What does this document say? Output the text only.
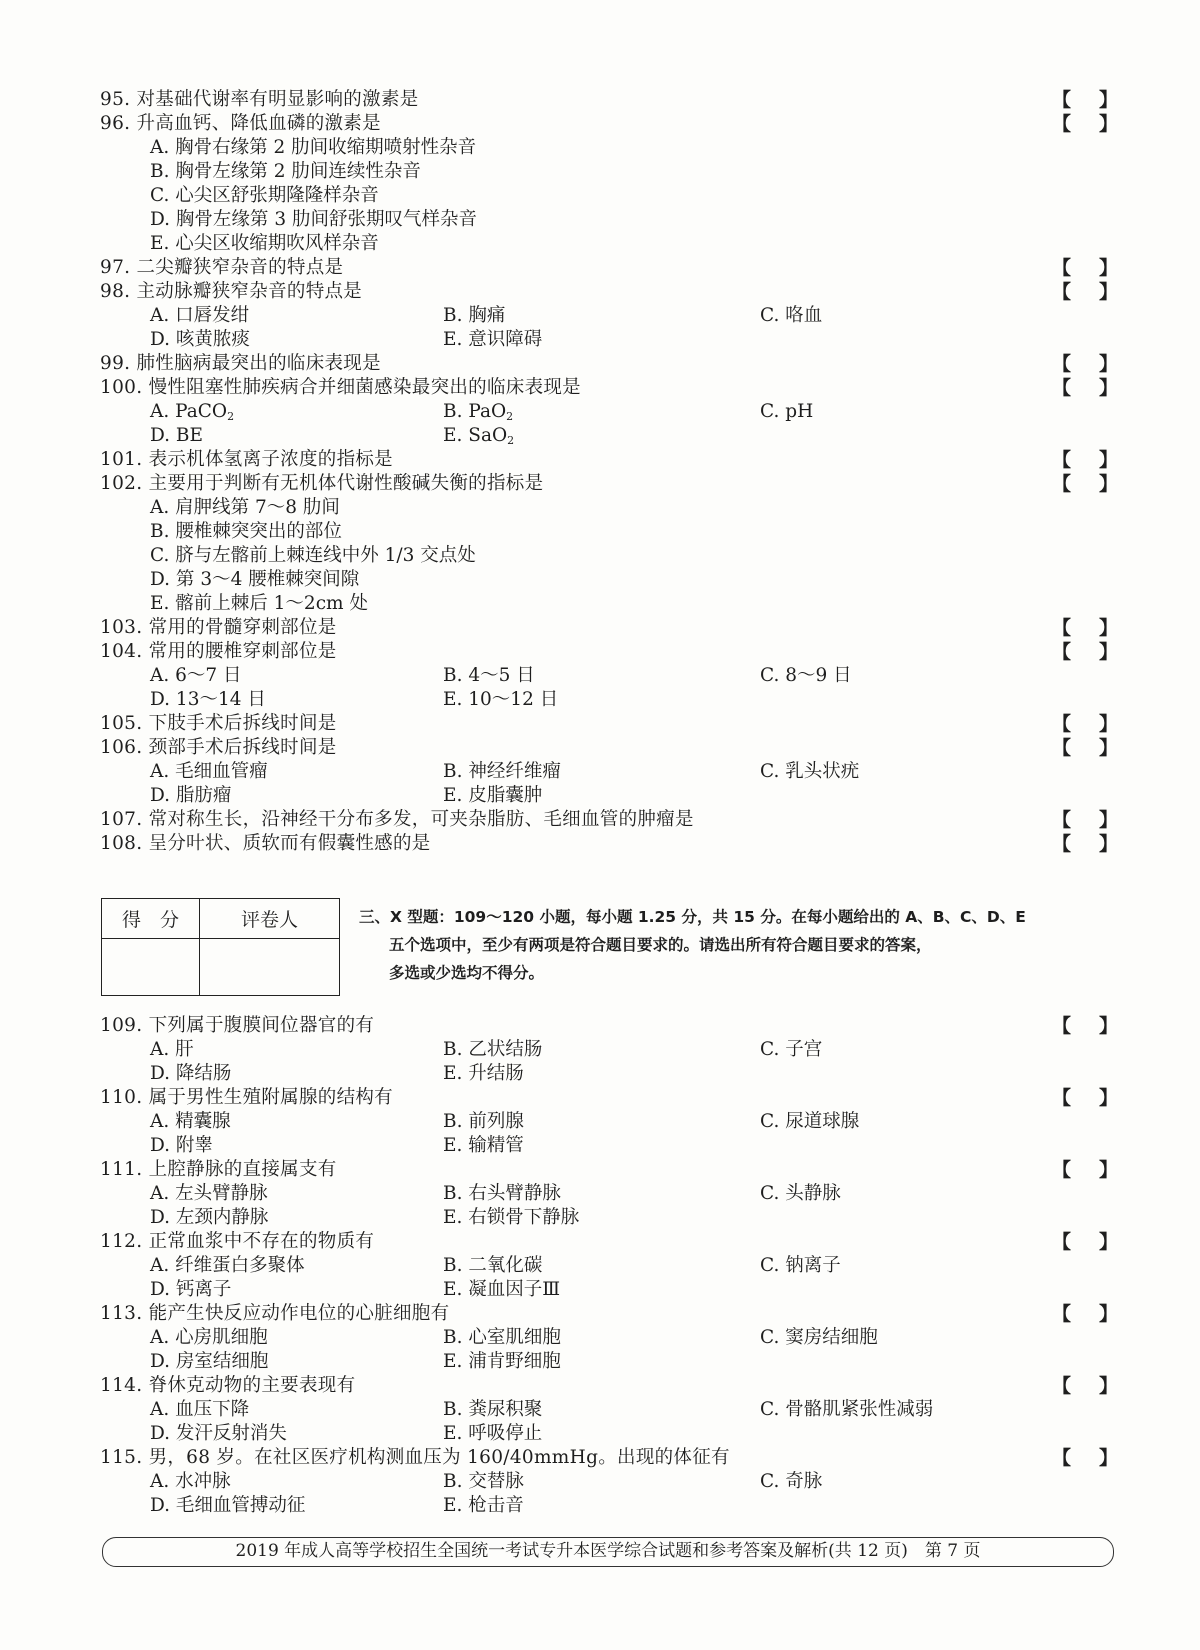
95. 对基础代谢率有明显影响的激素是	【 】
96. 升高血钙、降低血磷的激素是	【 】
A. 胸骨右缘第 2 肋间收缩期喷射性杂音
B. 胸骨左缘第 2 肋间连续性杂音
C. 心尖区舒张期隆隆样杂音
D. 胸骨左缘第 3 肋间舒张期叹气样杂音
E. 心尖区收缩期吹风样杂音
97. 二尖瓣狭窄杂音的特点是	【 】
98. 主动脉瓣狭窄杂音的特点是	【 】
A. 口唇发绀	B. 胸痛	C. 咯血
D. 咳黄脓痰	E. 意识障碍
99. 肺性脑病最突出的临床表现是	【 】
100. 慢性阻塞性肺疾病合并细菌感染最突出的临床表现是	【 】
A. PaCO$_2$	B. PaO$_2$	C. pH
D. BE	E. SaO$_2$
101. 表示机体氢离子浓度的指标是	【 】
102. 主要用于判断有无机体代谢性酸碱失衡的指标是	【 】
A. 肩胛线第 7～8 肋间
B. 腰椎棘突突出的部位
C. 脐与左髂前上棘连线中外 1/3 交点处
D. 第 3～4 腰椎棘突间隙
E. 髂前上棘后 1～2cm 处
103. 常用的骨髓穿刺部位是	【 】
104. 常用的腰椎穿刺部位是	【 】
A. 6～7 日	B. 4～5 日	C. 8～9 日
D. 13～14 日	E. 10～12 日
105. 下肢手术后拆线时间是	【 】
106. 颈部手术后拆线时间是	【 】
A. 毛细血管瘤	B. 神经纤维瘤	C. 乳头状疣
D. 脂肪瘤	E. 皮脂囊肿
107. 常对称生长，沿神经干分布多发，可夹杂脂肪、毛细血管的肿瘤是	【 】
108. 呈分叶状、质软而有假囊性感的是	【 】
得　分	评卷人	三、X 型题：109～120 小题，每小题 1.25 分，共 15 分。在每小题给出的 A、B、C、D、E
五个选项中，至少有两项是符合题目要求的。请选出所有符合题目要求的答案，
多选或少选均不得分。
109. 下列属于腹膜间位器官的有	【 】
A. 肝	B. 乙状结肠	C. 子宫
D. 降结肠	E. 升结肠
110. 属于男性生殖附属腺的结构有	【 】
A. 精囊腺	B. 前列腺	C. 尿道球腺
D. 附睾	E. 输精管
111. 上腔静脉的直接属支有	【 】
A. 左头臂静脉	B. 右头臂静脉	C. 头静脉
D. 左颈内静脉	E. 右锁骨下静脉
112. 正常血浆中不存在的物质有	【 】
A. 纤维蛋白多聚体	B. 二氧化碳	C. 钠离子
D. 钙离子	E. 凝血因子Ⅲ
113. 能产生快反应动作电位的心脏细胞有	【 】
A. 心房肌细胞	B. 心室肌细胞	C. 窦房结细胞
D. 房室结细胞	E. 浦肯野细胞
114. 脊休克动物的主要表现有	【 】
A. 血压下降	B. 粪尿积聚	C. 骨骼肌紧张性减弱
D. 发汗反射消失	E. 呼吸停止
115. 男，68 岁。在社区医疗机构测血压为 160/40mmHg。出现的体征有	【 】
A. 水冲脉	B. 交替脉	C. 奇脉
D. 毛细血管搏动征	E. 枪击音
2019 年成人高等学校招生全国统一考试专升本医学综合试题和参考答案及解析(共 12 页)　第 7 页
